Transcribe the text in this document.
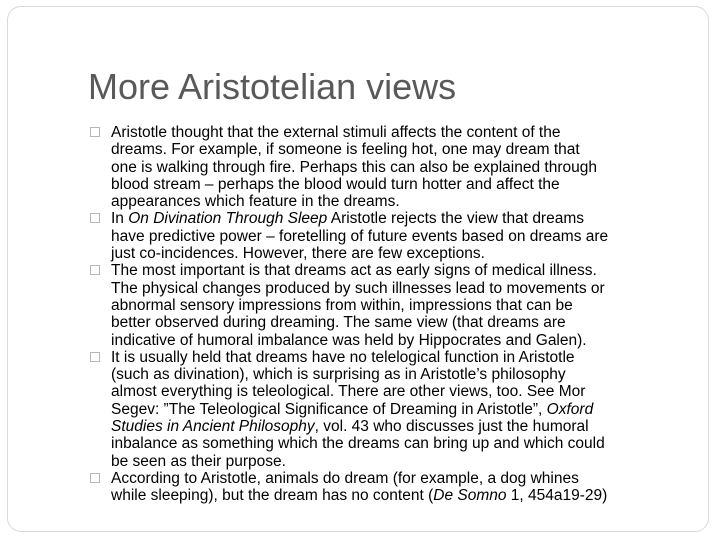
More Aristotelian views
Aristotle thought that the external stimuli affects the content of the
dreams. For example, if someone is feeling hot, one may dream that
one is walking through fire. Perhaps this can also be explained through
blood stream – perhaps the blood would turn hotter and affect the
appearances which feature in the dreams.
In On Divination Through Sleep Aristotle rejects the view that dreams
have predictive power – foretelling of future events based on dreams are
just co-incidences. However, there are few exceptions.
The most important is that dreams act as early signs of medical illness.
The physical changes produced by such illnesses lead to movements or
abnormal sensory impressions from within, impressions that can be
better observed during dreaming. The same view (that dreams are
indicative of humoral imbalance was held by Hippocrates and Galen).
It is usually held that dreams have no telelogical function in Aristotle
(such as divination), which is surprising as in Aristotle’s philosophy
almost everything is teleological. There are other views, too. See Mor
Segev: ”The Teleological Significance of Dreaming in Aristotle”, Oxford
Studies in Ancient Philosophy, vol. 43 who discusses just the humoral
inbalance as something which the dreams can bring up and which could
be seen as their purpose.
According to Aristotle, animals do dream (for example, a dog whines
while sleeping), but the dream has no content (De Somno 1, 454a19-29)
